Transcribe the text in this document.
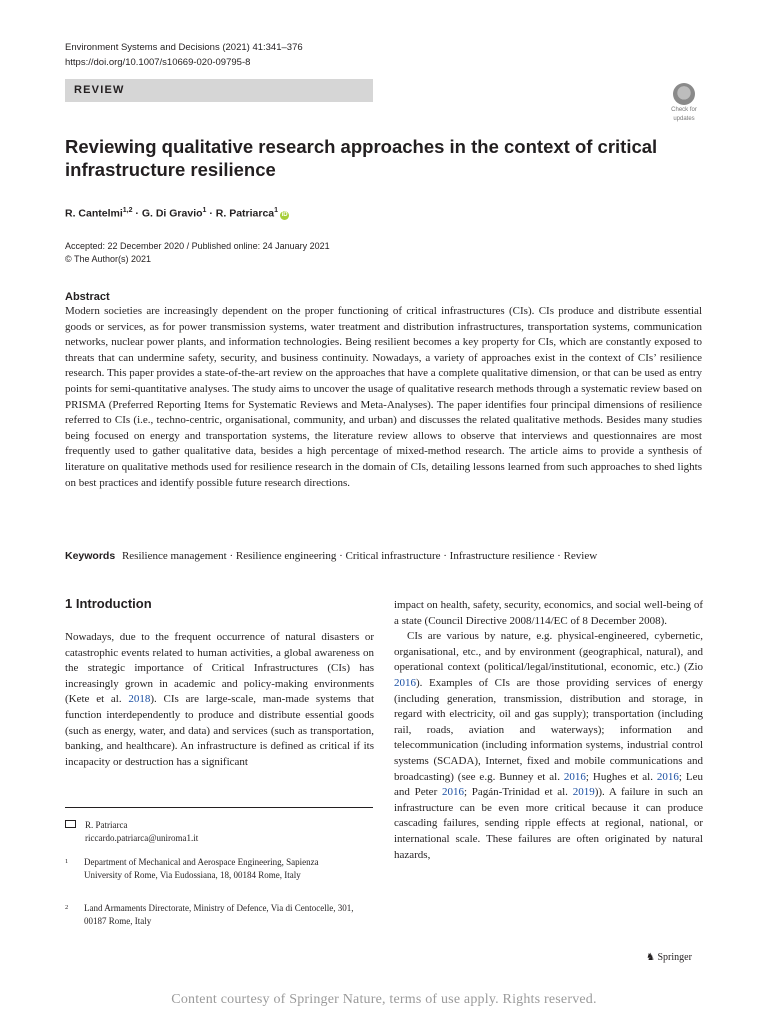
Environment Systems and Decisions (2021) 41:341–376
https://doi.org/10.1007/s10669-020-09795-8
REVIEW
Check for
updates
Reviewing qualitative research approaches in the context of critical infrastructure resilience
R. Cantelmi$^{1,2}$ · G. Di Gravio$^1$ · R. Patriarca$^1$iD
Accepted: 22 December 2020 / Published online: 24 January 2021
© The Author(s) 2021
Abstract
Modern societies are increasingly dependent on the proper functioning of critical infrastructures (CIs). CIs produce and distribute essential goods or services, as for power transmission systems, water treatment and distribution infrastructures, transportation systems, communication networks, nuclear power plants, and information technologies. Being resilient becomes a key property for CIs, which are constantly exposed to threats that can undermine safety, security, and business continuity. Nowadays, a variety of approaches exist in the context of CIs’ resilience research. This paper provides a state-of-the-art review on the approaches that have a complete qualitative dimension, or that can be used as entry points for semi-quantitative analyses. The study aims to uncover the usage of qualitative research methods through a systematic review based on PRISMA (Preferred Reporting Items for Systematic Reviews and Meta-Analyses). The paper identifies four principal dimensions of resilience referred to CIs (i.e., techno-centric, organisational, community, and urban) and discusses the related qualitative methods. Besides many studies being focused on energy and transportation systems, the literature review allows to observe that interviews and questionnaires are most frequently used to gather qualitative data, besides a high percentage of mixed-method research. The article aims to provide a synthesis of literature on qualitative methods used for resilience research in the domain of CIs, detailing lessons learned from such approaches to shed lights on best practices and identify possible future research directions.
Keywords Resilience management · Resilience engineering · Critical infrastructure · Infrastructure resilience · Review
1 Introduction

Nowadays, due to the frequent occurrence of natural disasters or catastrophic events related to human activities, a global awareness on the strategic importance of Critical Infrastructures (CIs) has increasingly grown in academic and policy-making environments (Kete et al. 2018). CIs are large-scale, man-made systems that function interdependently to produce and distribute essential goods (such as energy, water, and data) and services (such as transportation, banking, and healthcare). An infrastructure is defined as critical if its incapacity or destruction has a significant

R. Patriarca
riccardo.patriarca@uniroma1.it
1 Department of Mechanical and Aerospace Engineering, Sapienza University of Rome, Via Eudossiana, 18, 00184 Rome, Italy
2 Land Armaments Directorate, Ministry of Defence, Via di Centocelle, 301, 00187 Rome, Italy

impact on health, safety, security, economics, and social well-being of a state (Council Directive 2008/114/EC of 8 December 2008).

CIs are various by nature, e.g. physical-engineered, cybernetic, organisational, etc., and by environment (geographical, natural), and operational context (political/legal/institutional, economic, etc.) (Zio 2016). Examples of CIs are those providing services of energy (including generation, transmission, distribution and storage, in regard with electricity, oil and gas supply); transportation (including rail, roads, aviation and waterways); information and telecommunication (including information systems, industrial control systems (SCADA), Internet, fixed and mobile communications and broadcasting) (see e.g. Bunney et al. 2016; Hughes et al. 2016; Leu and Peter 2016; Pagán-Trinidad et al. 2019)). A failure in such an infrastructure can be even more critical because it can produce cascading failures, sending ripple effects at regional, national, or international scale. These failures are often originated by natural hazards,

♞ Springer
Content courtesy of Springer Nature, terms of use apply. Rights reserved.
